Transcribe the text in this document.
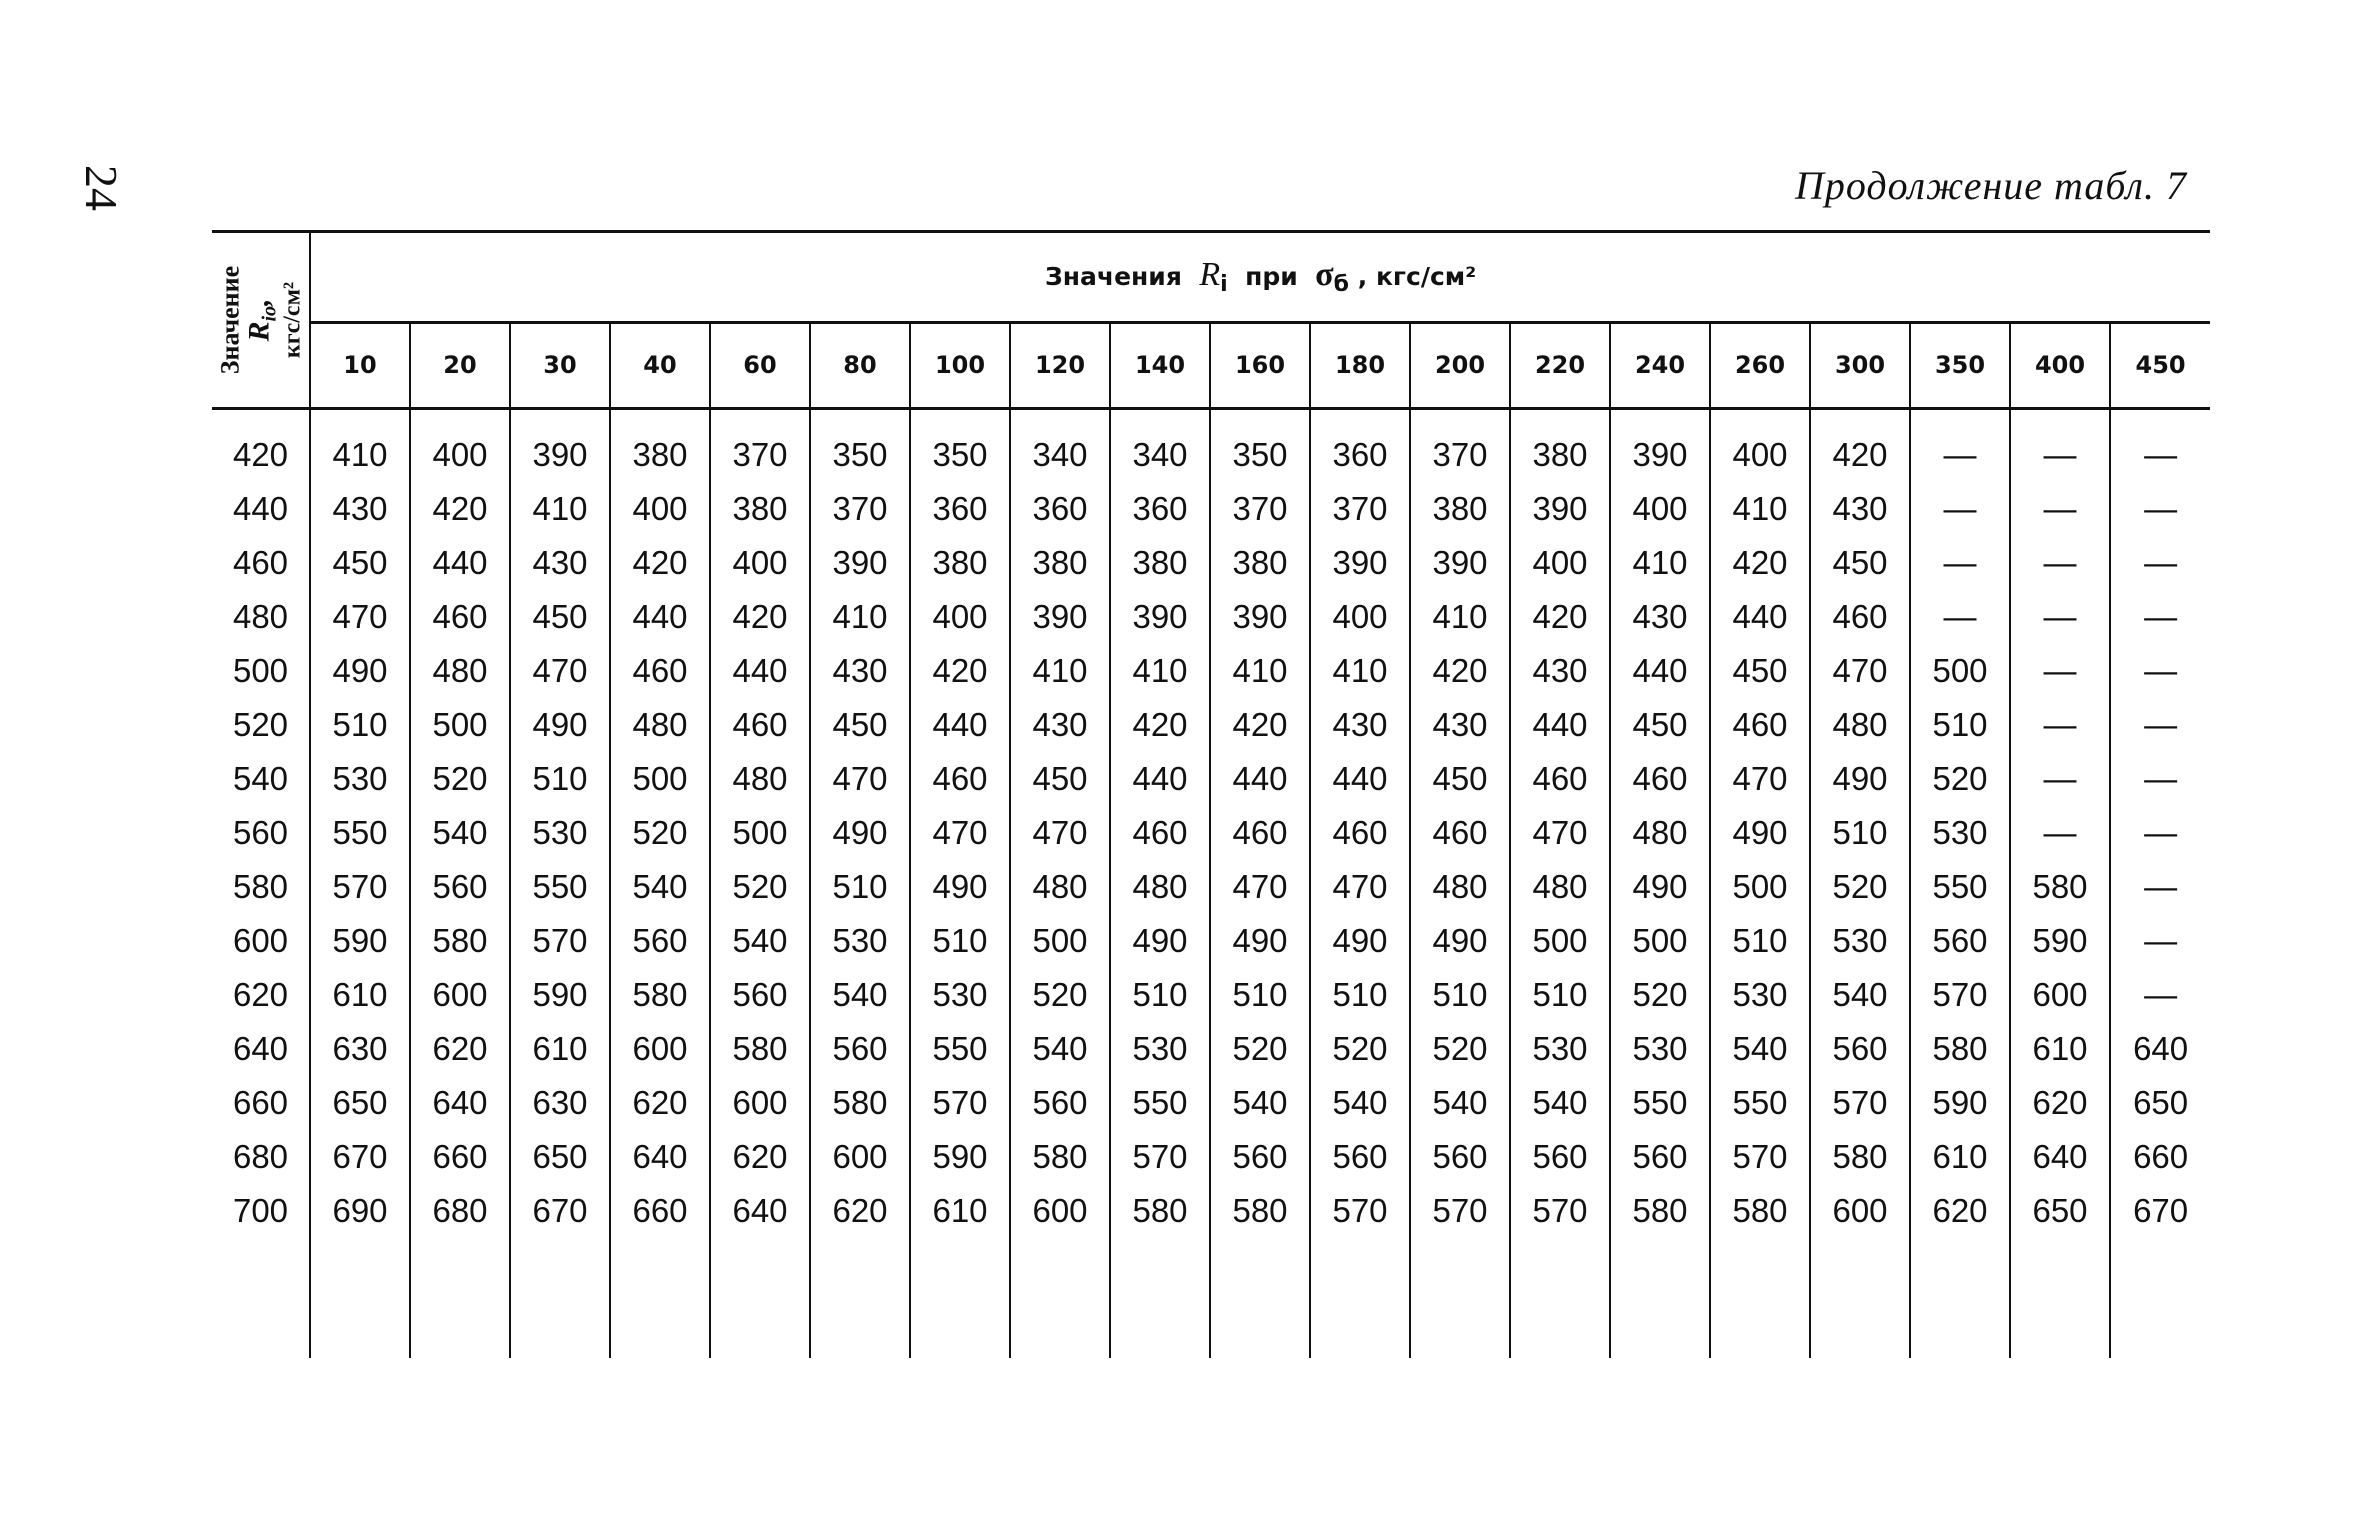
24	Продолжение табл. 7
Значение
$R_{io}$, кгс/см²	Значения Ri при σб , кгс/см²																		
	10	20	30	40	60	80	100	120	140	160	180	200	220	240	260	300	350	400	450

420	410	400	390	380	370	350	350	340	340	350	360	370	380	390	400	420	—	—	—
440	430	420	410	400	380	370	360	360	360	370	370	380	390	400	410	430	—	—	—
460	450	440	430	420	400	390	380	380	380	380	390	390	400	410	420	450	—	—	—
480	470	460	450	440	420	410	400	390	390	390	400	410	420	430	440	460	—	—	—
500	490	480	470	460	440	430	420	410	410	410	410	420	430	440	450	470	500	—	—
520	510	500	490	480	460	450	440	430	420	420	430	430	440	450	460	480	510	—	—
540	530	520	510	500	480	470	460	450	440	440	440	450	460	460	470	490	520	—	—
560	550	540	530	520	500	490	470	470	460	460	460	460	470	480	490	510	530	—	—
580	570	560	550	540	520	510	490	480	480	470	470	480	480	490	500	520	550	580	—
600	590	580	570	560	540	530	510	500	490	490	490	490	500	500	510	530	560	590	—
620	610	600	590	580	560	540	530	520	510	510	510	510	510	520	530	540	570	600	—
640	630	620	610	600	580	560	550	540	530	520	520	520	530	530	540	560	580	610	640
660	650	640	630	620	600	580	570	560	550	540	540	540	540	550	550	570	590	620	650
680	670	660	650	640	620	600	590	580	570	560	560	560	560	560	570	580	610	640	660
700	690	680	670	660	640	620	610	600	580	580	570	570	570	580	580	600	620	650	670
